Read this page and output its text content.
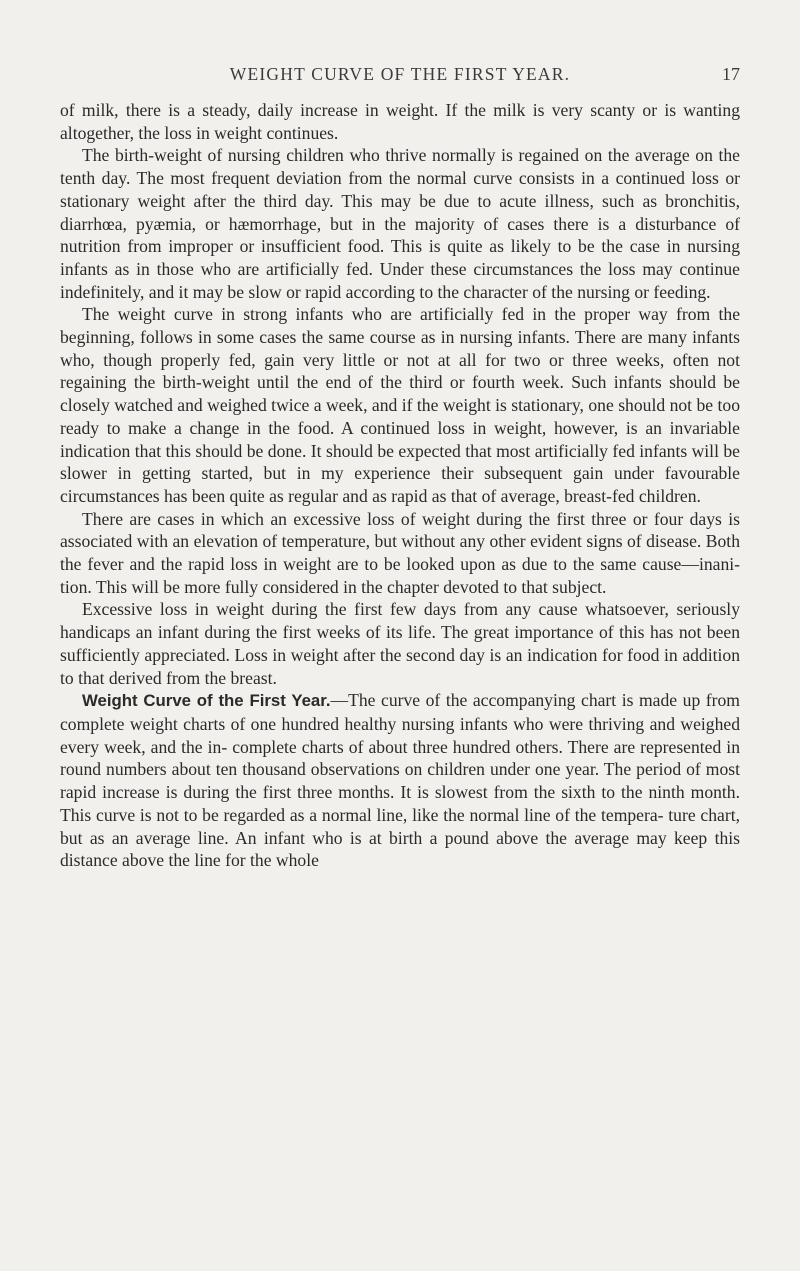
WEIGHT CURVE OF THE FIRST YEAR.	17

of milk, there is a steady, daily increase in weight. If the milk is very scanty or is wanting altogether, the loss in weight continues.

The birth-weight of nursing children who thrive normally is regained on the average on the tenth day. The most frequent deviation from the normal curve consists in a continued loss or stationary weight after the third day. This may be due to acute illness, such as bronchitis, diarrhœa, pyæmia, or hæmorrhage, but in the majority of cases there is a disturbance of nutrition from improper or insufficient food. This is quite as likely to be the case in nursing infants as in those who are artificially fed. Under these circumstances the loss may continue indefinitely, and it may be slow or rapid according to the character of the nursing or feeding.

The weight curve in strong infants who are artificially fed in the proper way from the beginning, follows in some cases the same course as in nursing infants. There are many infants who, though properly fed, gain very little or not at all for two or three weeks, often not regaining the birth-weight until the end of the third or fourth week. Such infants should be closely watched and weighed twice a week, and if the weight is stationary, one should not be too ready to make a change in the food. A continued loss in weight, however, is an invariable indication that this should be done. It should be expected that most artificially fed infants will be slower in getting started, but in my experience their subsequent gain under favourable circumstances has been quite as regular and as rapid as that of average, breast-fed children.

There are cases in which an excessive loss of weight during the first three or four days is associated with an elevation of temperature, but without any other evident signs of disease. Both the fever and the rapid loss in weight are to be looked upon as due to the same cause—inani- tion. This will be more fully considered in the chapter devoted to that subject.

Excessive loss in weight during the first few days from any cause whatsoever, seriously handicaps an infant during the first weeks of its life. The great importance of this has not been sufficiently appreciated. Loss in weight after the second day is an indication for food in addition to that derived from the breast.

Weight Curve of the First Year.—The curve of the accompanying chart is made up from complete weight charts of one hundred healthy nursing infants who were thriving and weighed every week, and the in- complete charts of about three hundred others. There are represented in round numbers about ten thousand observations on children under one year. The period of most rapid increase is during the first three months. It is slowest from the sixth to the ninth month. This curve is not to be regarded as a normal line, like the normal line of the tempera- ture chart, but as an average line. An infant who is at birth a pound above the average may keep this distance above the line for the whole
